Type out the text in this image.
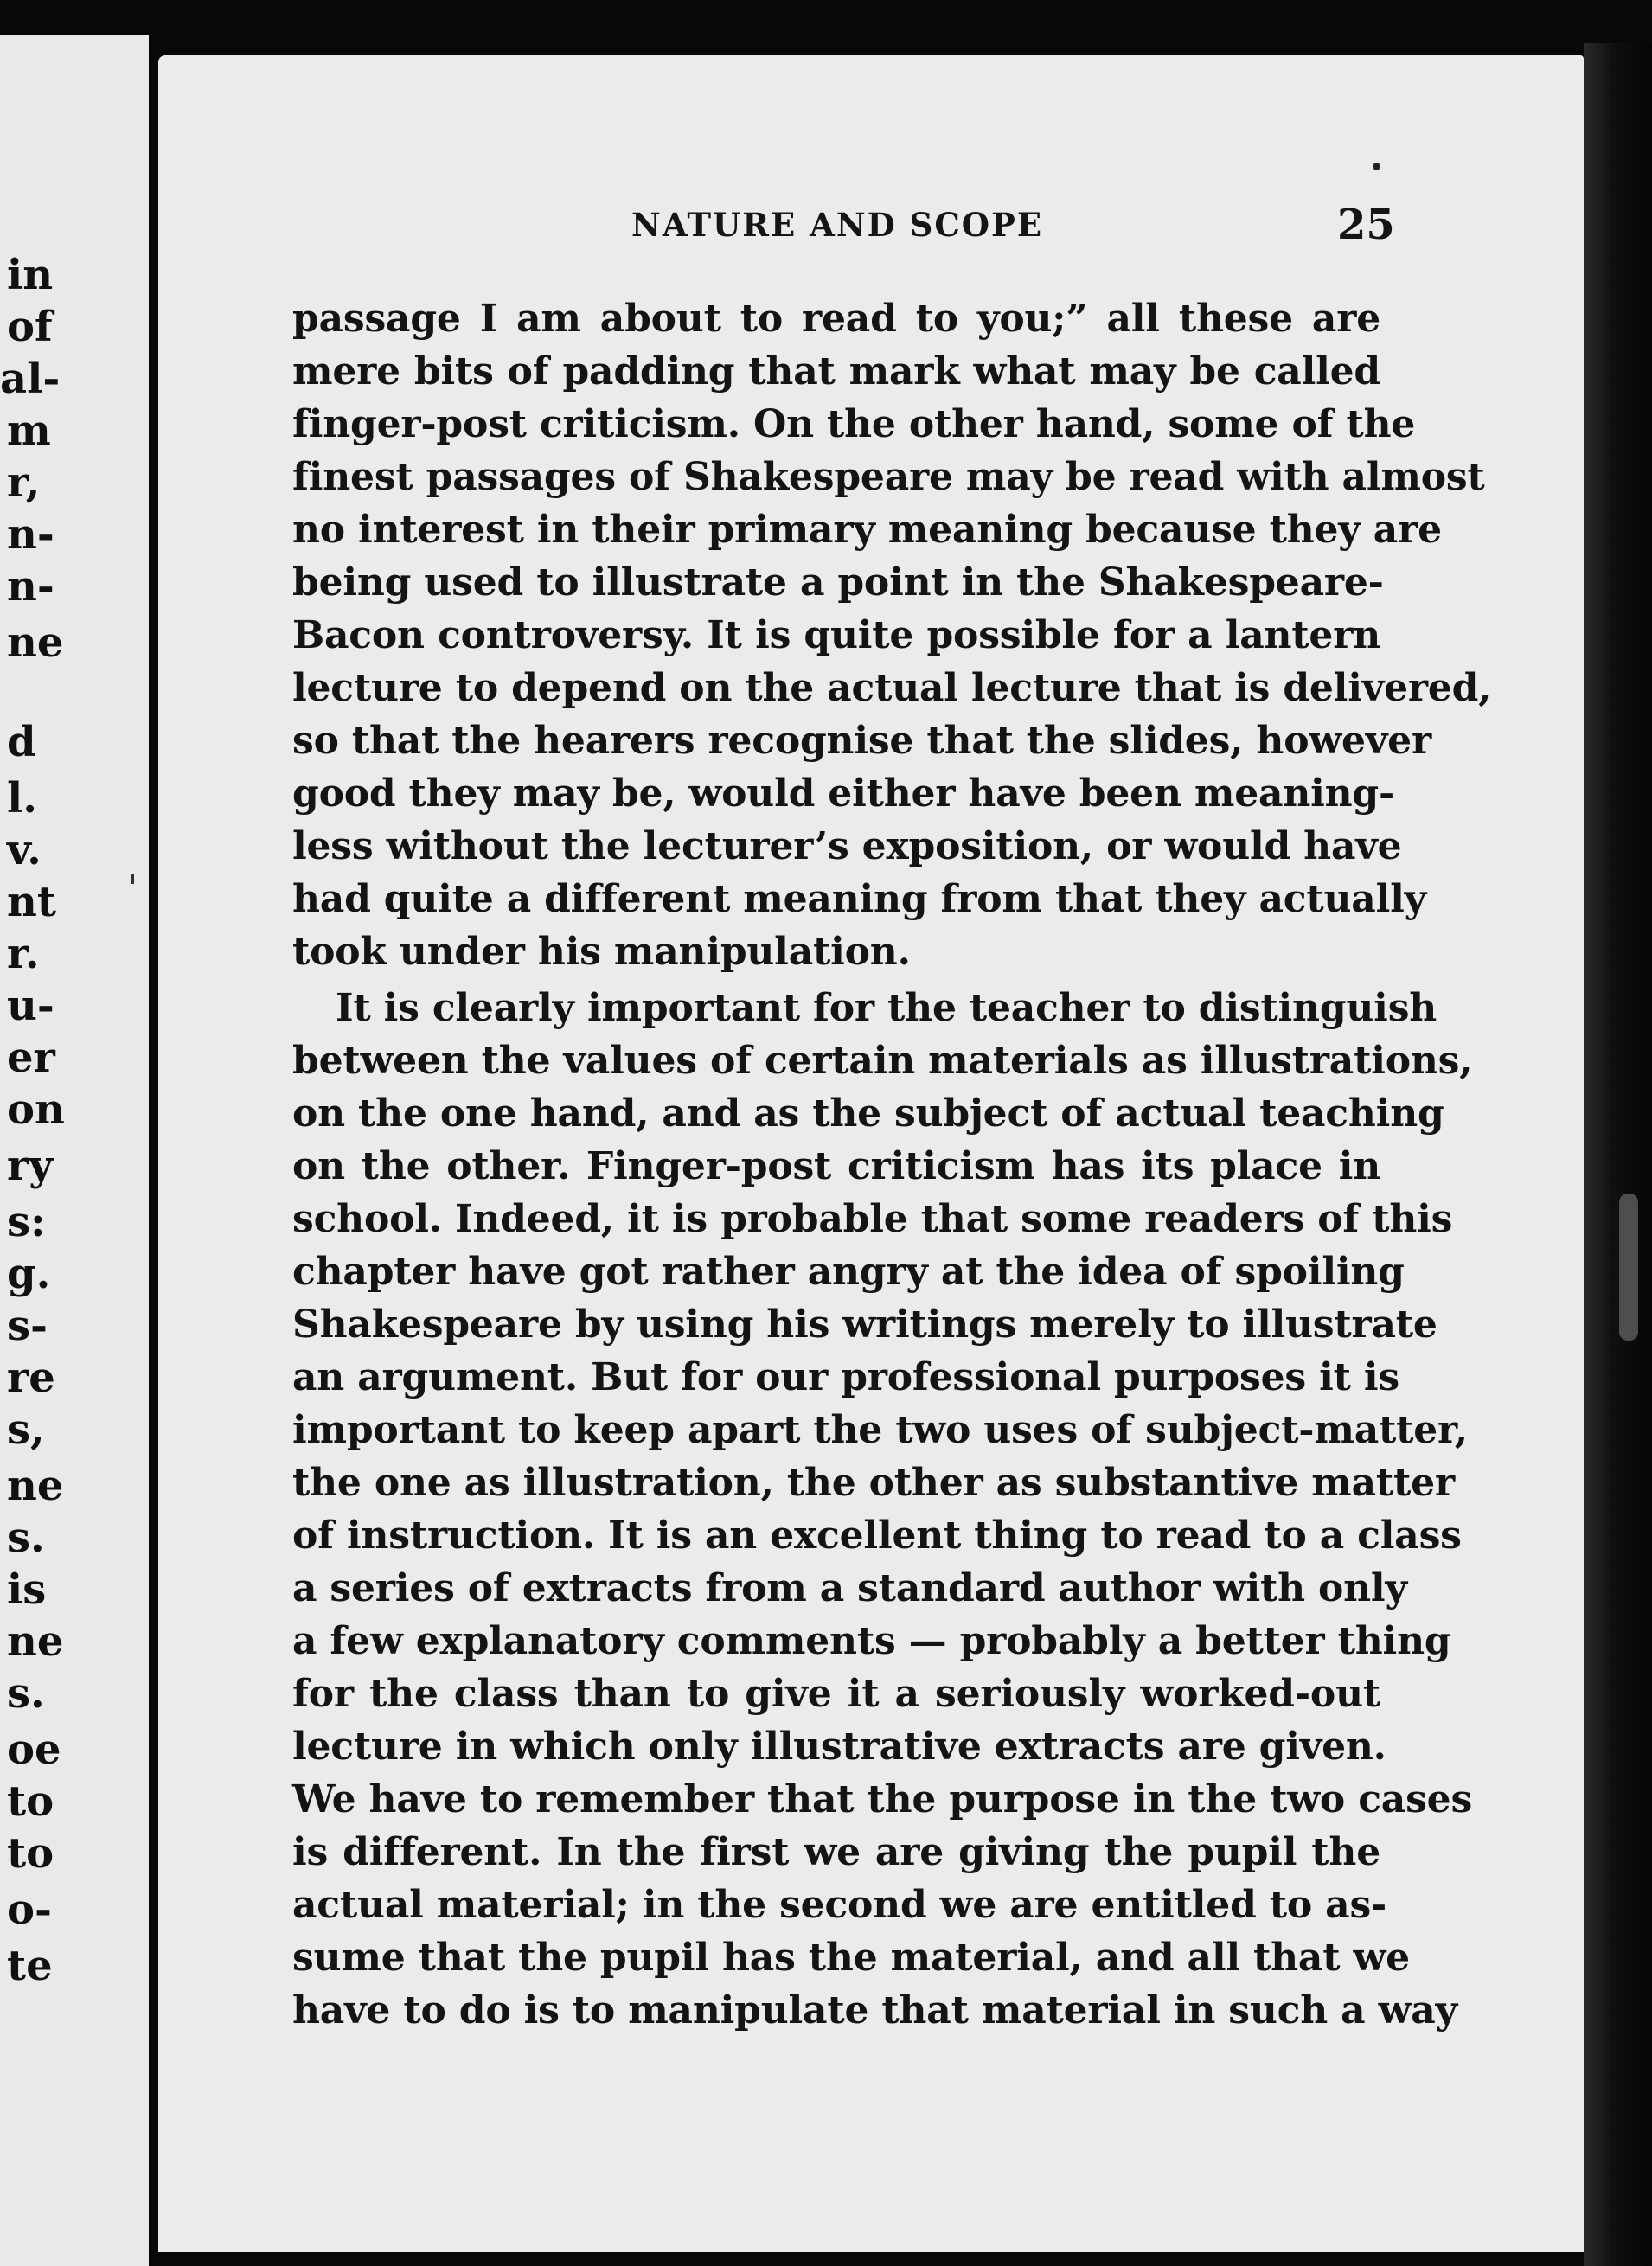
in
of
al-
m
r,
n-
n-
ne
d
l.
v.
nt
r.
u-
er
on
ry
s:
g.
s-
re
s,
ne
s.
is
ne
s.
oe
to
to
o-
te
NATURE AND SCOPE	25
passage I am about to read to you;” all these are
mere bits of padding that mark what may be called
finger-post criticism. On the other hand, some of the
finest passages of Shakespeare may be read with almost
no interest in their primary meaning because they are
being used to illustrate a point in the Shakespeare-
Bacon controversy. It is quite possible for a lantern
lecture to depend on the actual lecture that is delivered,
so that the hearers recognise that the slides, however
good they may be, would either have been meaning-
less without the lecturer’s exposition, or would have
had quite a different meaning from that they actually
took under his manipulation.
It is clearly important for the teacher to distinguish
between the values of certain materials as illustrations,
on the one hand, and as the subject of actual teaching
on the other. Finger-post criticism has its place in
school. Indeed, it is probable that some readers of this
chapter have got rather angry at the idea of spoiling
Shakespeare by using his writings merely to illustrate
an argument. But for our professional purposes it is
important to keep apart the two uses of subject-matter,
the one as illustration, the other as substantive matter
of instruction. It is an excellent thing to read to a class
a series of extracts from a standard author with only
a few explanatory comments — probably a better thing
for the class than to give it a seriously worked-out
lecture in which only illustrative extracts are given.
We have to remember that the purpose in the two cases
is different. In the first we are giving the pupil the
actual material; in the second we are entitled to as-
sume that the pupil has the material, and all that we
have to do is to manipulate that material in such a way
